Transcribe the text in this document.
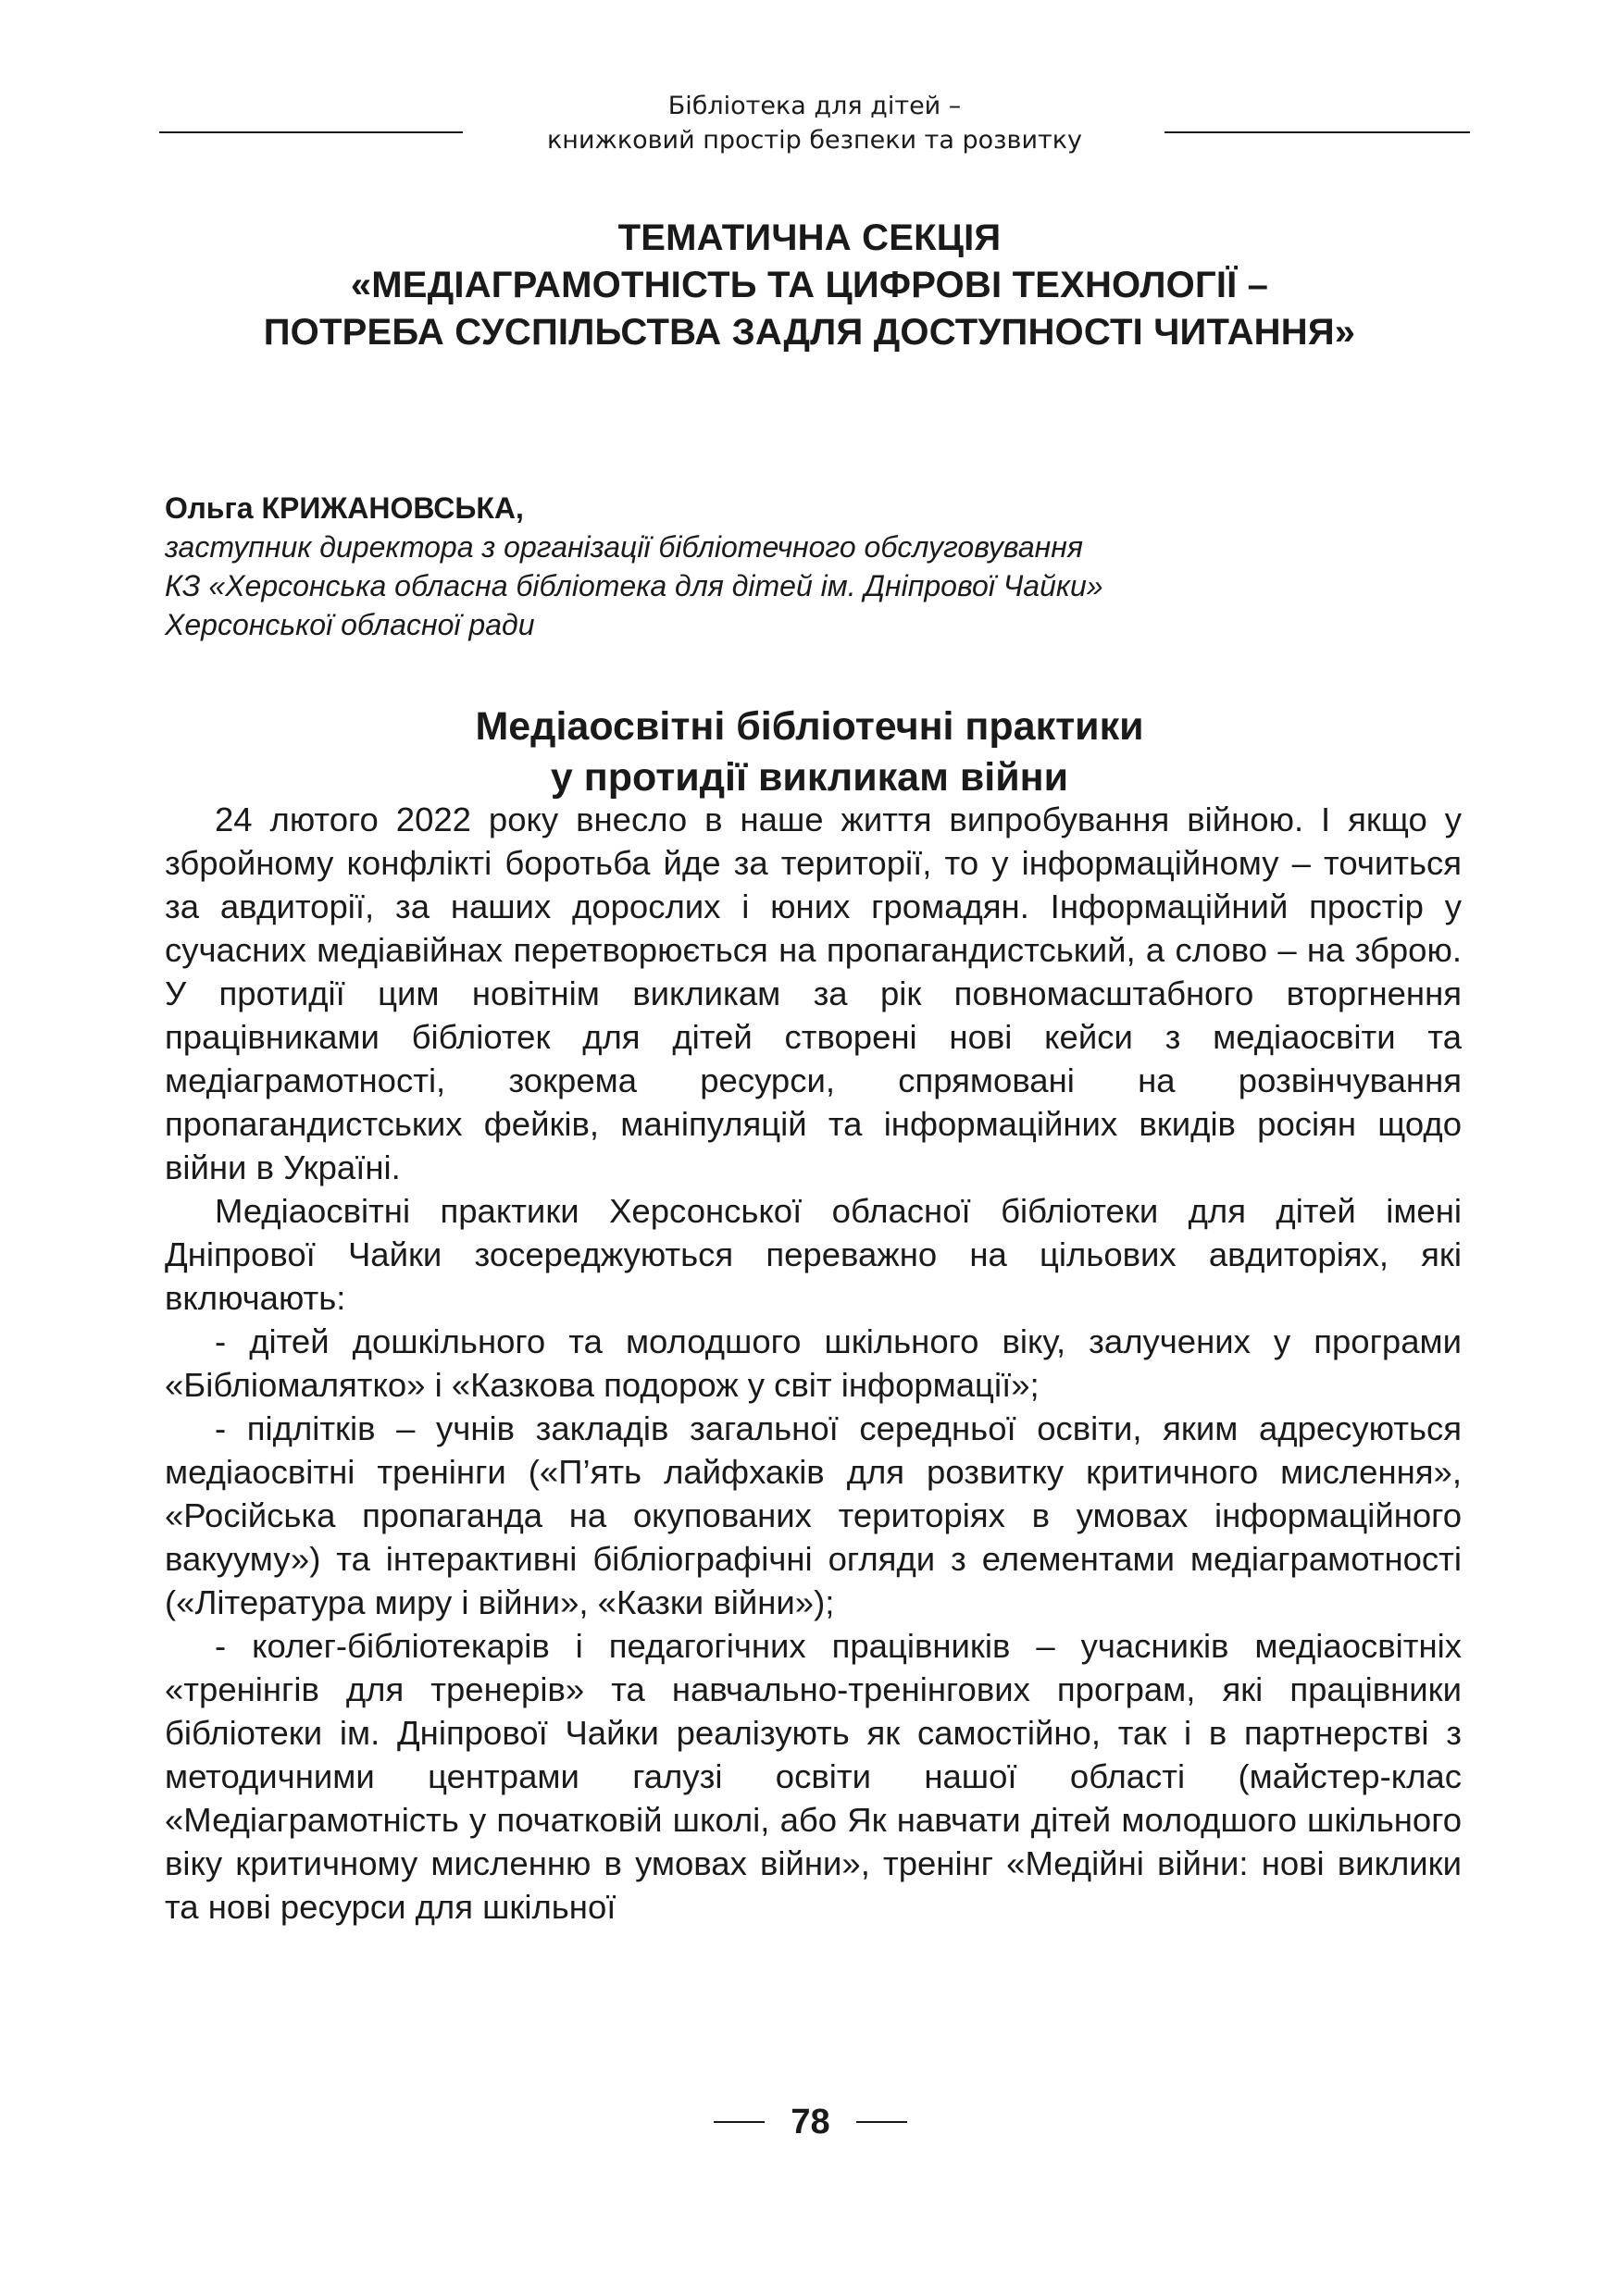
Бібліотека для дітей –
книжковий простір безпеки та розвитку
ТЕМАТИЧНА СЕКЦІЯ
«МЕДІАГРАМОТНІСТЬ ТА ЦИФРОВІ ТЕХНОЛОГІЇ –
ПОТРЕБА СУСПІЛЬСТВА ЗАДЛЯ ДОСТУПНОСТІ ЧИТАННЯ»
Ольга КРИЖАНОВСЬКА,
заступник директора з організації бібліотечного обслуговування
КЗ «Херсонська обласна бібліотека для дітей ім. Дніпрової Чайки»
Херсонської обласної ради
Медіаосвітні бібліотечні практики
у протидії викликам війни

24 лютого 2022 року внесло в наше життя випробування війною. І якщо у збройному конфлікті боротьба йде за території, то у інформаційному – точиться за авдиторії, за наших дорослих і юних громадян. Інформаційний простір у сучасних медіавійнах перетворюється на пропагандистський, а слово – на зброю. У протидії цим новітнім викликам за рік повномасштабного вторгнення працівниками бібліотек для дітей створені нові кейси з медіаосвіти та медіаграмотності, зокрема ресурси, спрямовані на розвінчування пропагандистських фейків, маніпуляцій та інформаційних вкидів росіян щодо війни в Україні.

Медіаосвітні практики Херсонської обласної бібліотеки для дітей імені Дніпрової Чайки зосереджуються переважно на цільових авдиторіях, які включають:

- дітей дошкільного та молодшого шкільного віку, залучених у програми «Бібліомалятко» і «Казкова подорож у світ інформації»;

- підлітків – учнів закладів загальної середньої освіти, яким адресуються медіаосвітні тренінги («П’ять лайфхаків для розвитку критичного мислення», «Російська пропаганда на окупованих територіях в умовах інформаційного вакууму») та інтерактивні бібліографічні огляди з елементами медіаграмотності («Література миру і війни», «Казки війни»);

- колег-бібліотекарів і педагогічних працівників – учасників медіаосвітніх «тренінгів для тренерів» та навчально-тренінгових програм, які працівники бібліотеки ім. Дніпрової Чайки реалізують як самостійно, так і в партнерстві з методичними центрами галузі освіти нашої області (майстер-клас «Медіаграмотність у початковій школі, або Як навчати дітей молодшого шкільного віку критичному мисленню в умовах війни», тренінг «Медійні війни: нові виклики та нові ресурси для шкільної

78
